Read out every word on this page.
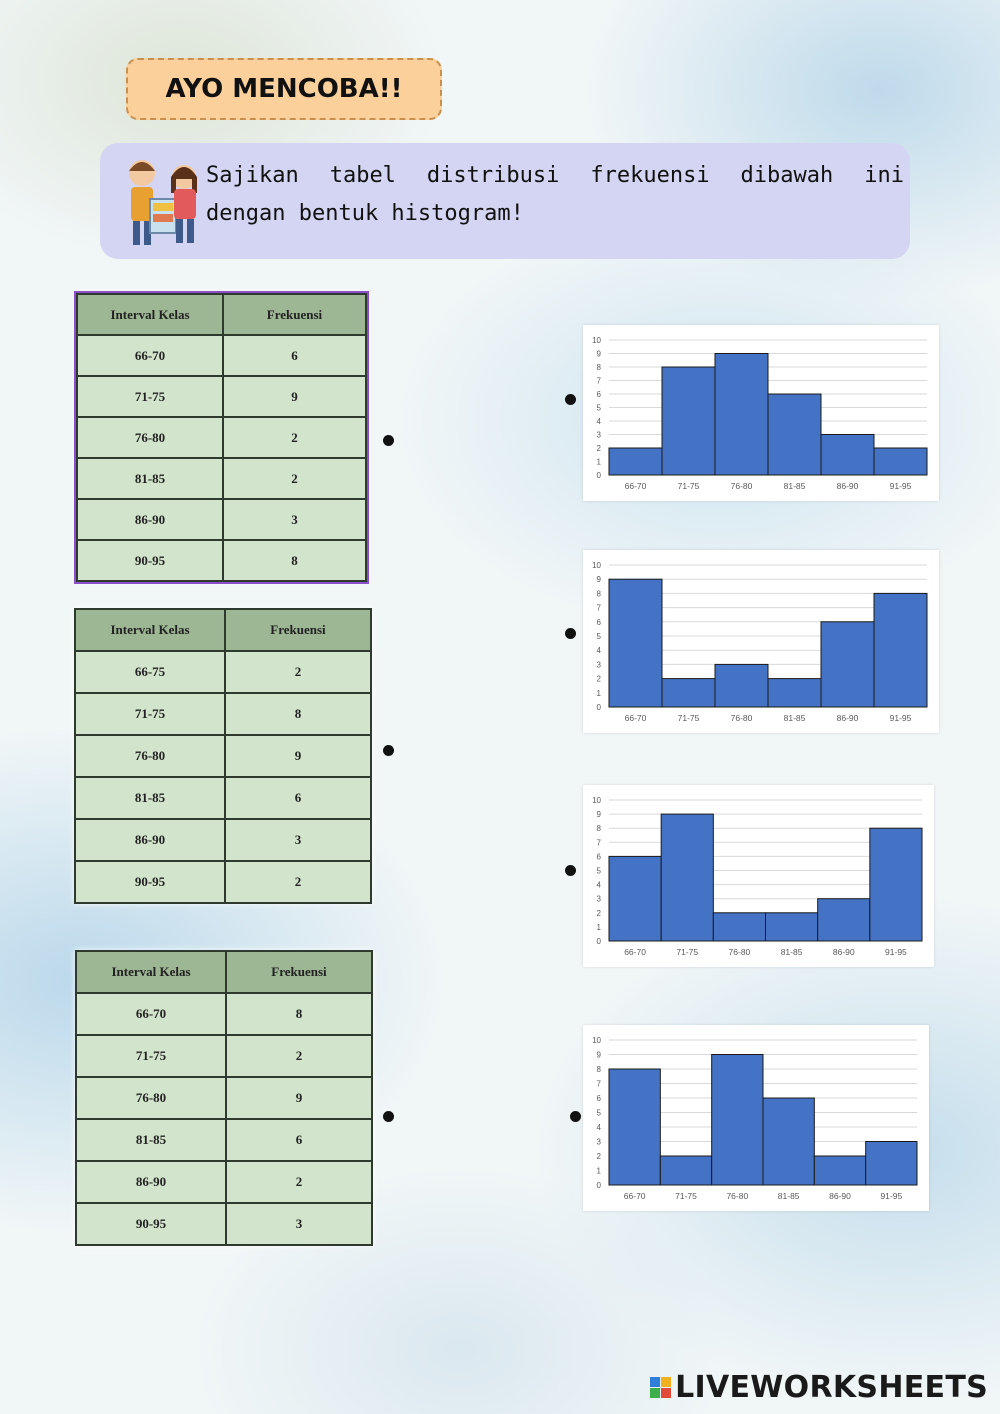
AYO MENCOBA!!
Sajikan tabel distribusi frekuensi dibawah ini dengan bentuk histogram!
Interval Kelas	Frekuensi
66-70	6
71-75	9
76-80	2
81-85	2
86-90	3
90-95	8
Interval Kelas	Frekuensi
66-75	2
71-75	8
76-80	9
81-85	6
86-90	3
90-95	2
Interval Kelas	Frekuensi
66-70	8
71-75	2
76-80	9
81-85	6
86-90	2
90-95	3
0
1
2
3
4
5
6
7
8
9
10
66-70	71-75	76-80	81-85	86-90	91-95
0
1
2
3
4
5
6
7
8
9
10
66-70	71-75	76-80	81-85	86-90	91-95
0
1
2
3
4
5
6
7
8
9
10
66-70	71-75	76-80	81-85	86-90	91-95
0
1
2
3
4
5
6
7
8
9
10
66-70	71-75	76-80	81-85	86-90	91-95
LIVEWORKSHEETS
